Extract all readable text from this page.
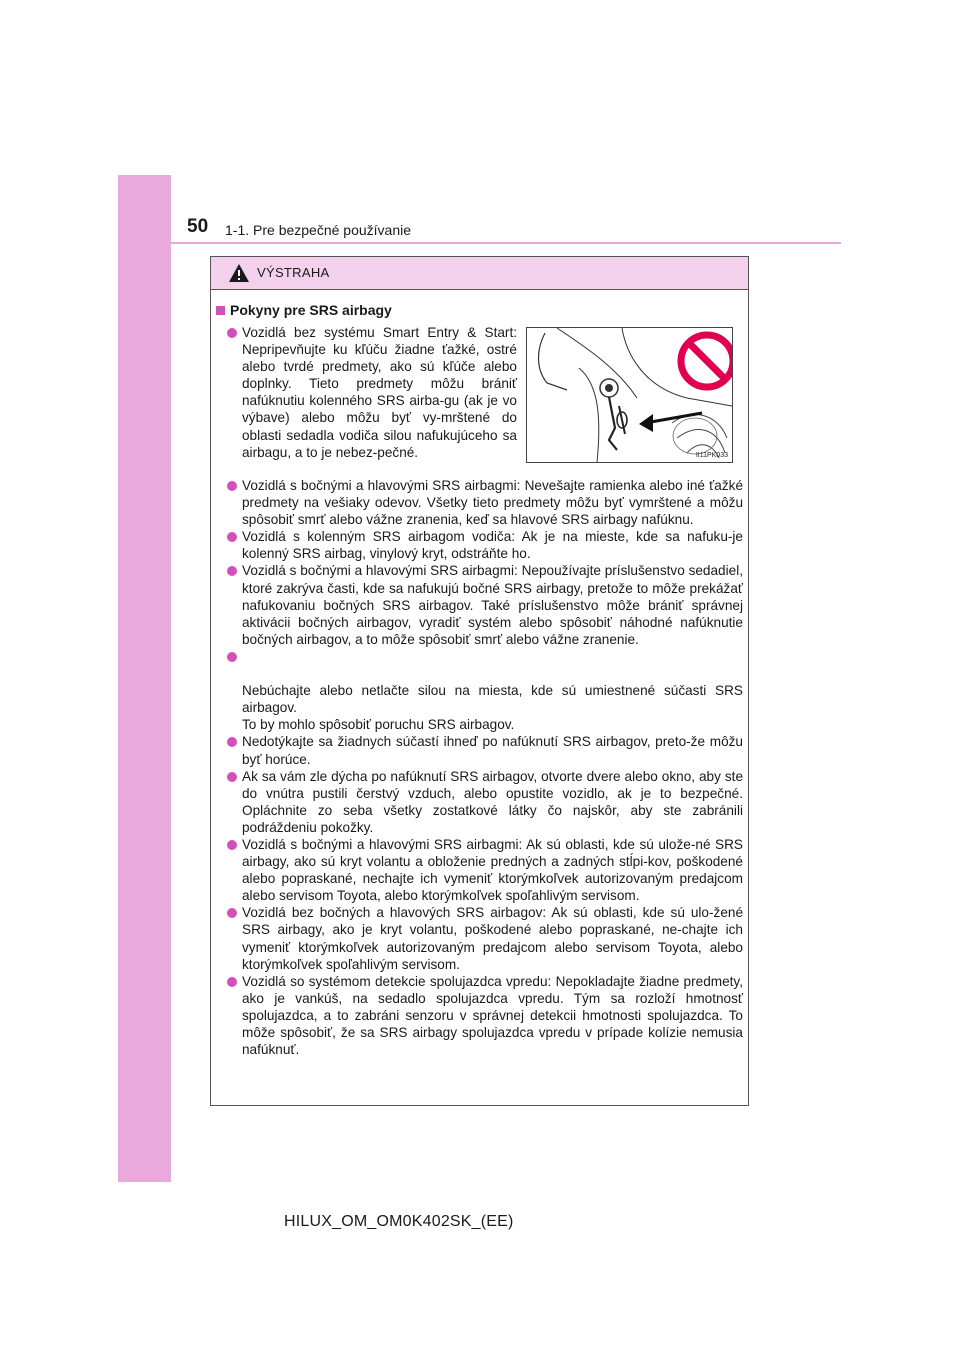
50 1-1. Pre bezpečné používanie
VÝSTRAHA
Pokyny pre SRS airbagy
II11PK033
Vozidlá bez systému Smart Entry & Start: Nepripevňujte ku kľúču žiadne ťažké, ostré alebo tvrdé predmety, ako sú kľúče alebo doplnky. Tieto predmety môžu brániť nafúknutiu kolenného SRS airba-gu (ak je vo výbave) alebo môžu byť vy-mrštené do oblasti sedadla vodiča silou nafukujúceho sa airbagu, a to je nebez-pečné.
Vozidlá s bočnými a hlavovými SRS airbagmi: Nevešajte ramienka alebo iné ťažké predmety na vešiaky odevov. Všetky tieto predmety môžu byť vymrštené a môžu spôsobiť smrť alebo vážne zranenia, keď sa hlavové SRS airbagy nafúknu.
Vozidlá s kolenným SRS airbagom vodiča: Ak je na mieste, kde sa nafuku-je kolenný SRS airbag, vinylový kryt, odstráňte ho.
Vozidlá s bočnými a hlavovými SRS airbagmi: Nepoužívajte príslušenstvo sedadiel, ktoré zakrýva časti, kde sa nafukujú bočné SRS airbagy, pretože to môže prekážať nafukovaniu bočných SRS airbagov. Také príslušenstvo môže brániť správnej aktivácii bočných airbagov, vyradiť systém alebo spôsobiť náhodné nafúknutie bočných airbagov, a to môže spôsobiť smrť alebo vážne zranenie.

Nebúchajte alebo netlačte silou na miesta, kde sú umiestnené súčasti SRS airbagov.
To by mohlo spôsobiť poruchu SRS airbagov.

Nedotýkajte sa žiadnych súčastí ihneď po nafúknutí SRS airbagov, preto-že môžu byť horúce.
Ak sa vám zle dýcha po nafúknutí SRS airbagov, otvorte dvere alebo okno, aby ste do vnútra pustili čerstvý vzduch, alebo opustite vozidlo, ak je to bezpečné. Opláchnite zo seba všetky zostatkové látky čo najskôr, aby ste zabránili podráždeniu pokožky.
Vozidlá s bočnými a hlavovými SRS airbagmi: Ak sú oblasti, kde sú ulože-né SRS airbagy, ako sú kryt volantu a obloženie predných a zadných stĺpi-kov, poškodené alebo popraskané, nechajte ich vymeniť ktorýmkoľvek autorizovaným predajcom alebo servisom Toyota, alebo ktorýmkoľvek spoľahlivým servisom.
Vozidlá bez bočných a hlavových SRS airbagov: Ak sú oblasti, kde sú ulo-žené SRS airbagy, ako je kryt volantu, poškodené alebo popraskané, ne-chajte ich vymeniť ktorýmkoľvek autorizovaným predajcom alebo servisom Toyota, alebo ktorýmkoľvek spoľahlivým servisom.
Vozidlá so systémom detekcie spolujazdca vpredu: Nepokladajte žiadne predmety, ako je vankúš, na sedadlo spolujazdca vpredu. Tým sa rozloží hmotnosť spolujazdca, a to zabráni senzoru v správnej detekcii hmotnosti spolujazdca. To môže spôsobiť, že sa SRS airbagy spolujazdca vpredu v prípade kolízie nemusia nafúknuť.
HILUX_OM_OM0K402SK_(EE)
